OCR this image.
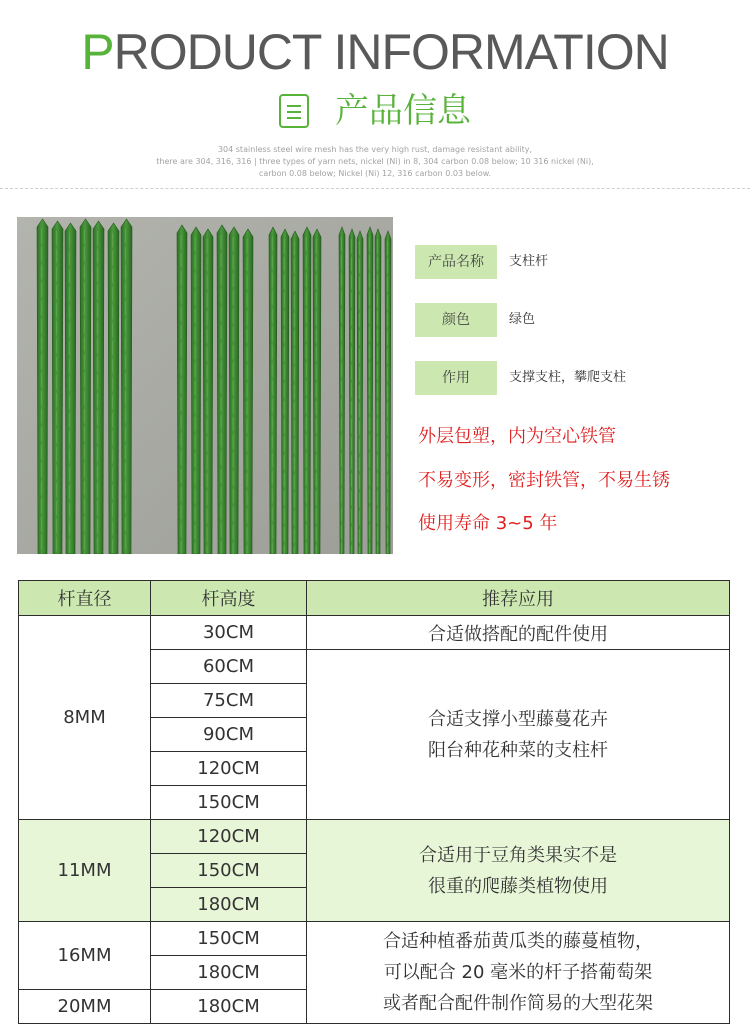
PRODUCT INFORMATION
产品信息
304 stainless steel wire mesh has the very high rust, damage resistant ability,
there are 304, 316, 316 | three types of yarn nets, nickel (Ni) in 8, 304 carbon 0.08 below; 10 316 nickel (Ni),
carbon 0.08 below; Nickel (Ni) 12, 316 carbon 0.03 below.
产品名称	支柱杆
颜色	绿色
作用	支撑支柱，攀爬支柱
外层包塑，内为空心铁管
不易变形，密封铁管，不易生锈
使用寿命 3~5 年
杆直径	杆高度	推荐应用
8MM	30CM	合适做搭配的配件使用
	60CM	合适支撑小型藤蔓花卉
阳台种花种菜的支柱杆

	75CM	
	90CM	
	120CM	
	150CM	
11MM	120CM	合适用于豆角类果实不是
很重的爬藤类植物使用

	150CM	
	180CM	
16MM	150CM	合适种植番茄黄瓜类的藤蔓植物，
可以配合 20 毫米的杆子搭葡萄架
或者配合配件制作简易的大型花架

	180CM	
20MM	180CM	
